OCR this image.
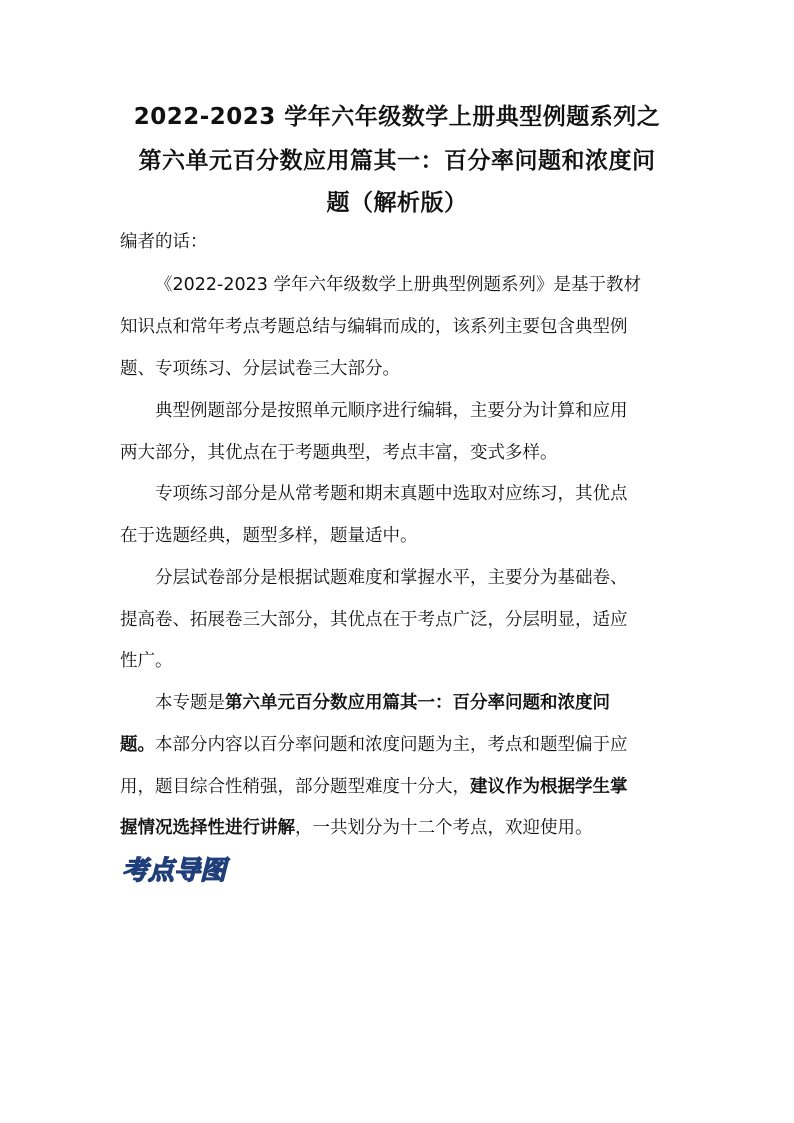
2022-2023 学年六年级数学上册典型例题系列之
第六单元百分数应用篇其一：百分率问题和浓度问
题（解析版）
编者的话：
《2022-2023 学年六年级数学上册典型例题系列》是基于教材
知识点和常年考点考题总结与编辑而成的，该系列主要包含典型例
题、专项练习、分层试卷三大部分。
典型例题部分是按照单元顺序进行编辑，主要分为计算和应用
两大部分，其优点在于考题典型，考点丰富，变式多样。
专项练习部分是从常考题和期末真题中选取对应练习，其优点
在于选题经典，题型多样，题量适中。
分层试卷部分是根据试题难度和掌握水平，主要分为基础卷、
提高卷、拓展卷三大部分，其优点在于考点广泛，分层明显，适应
性广。
本专题是第六单元百分数应用篇其一：百分率问题和浓度问
题。本部分内容以百分率问题和浓度问题为主，考点和题型偏于应
用，题目综合性稍强，部分题型难度十分大，建议作为根据学生掌
握情况选择性进行讲解，一共划分为十二个考点，欢迎使用。
考点导图
